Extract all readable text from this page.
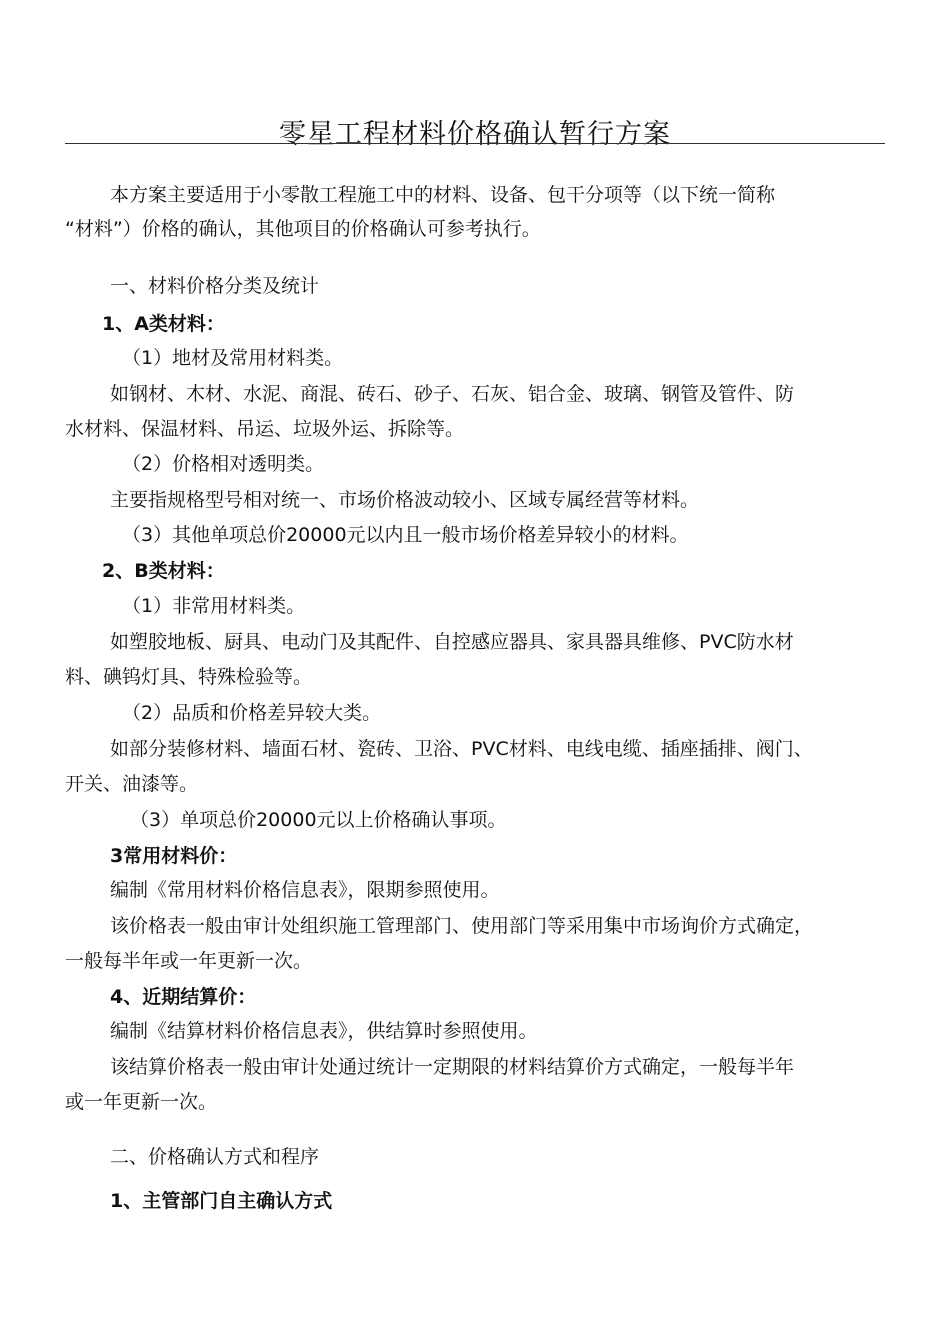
零星工程材料价格确认暂行方案

本方案主要适用于小零散工程施工中的材料、设备、包干分项等（以下统一简称

“材料”）价格的确认，其他项目的价格确认可参考执行。

一、材料价格分类及统计

1、A类材料：

（1）地材及常用材料类。

如钢材、木材、水泥、商混、砖石、砂子、石灰、铝合金、玻璃、钢管及管件、防

水材料、保温材料、吊运、垃圾外运、拆除等。

（2）价格相对透明类。

主要指规格型号相对统一、市场价格波动较小、区域专属经营等材料。

（3）其他单项总价20000元以内且一般市场价格差异较小的材料。

2、B类材料：

（1）非常用材料类。

如塑胶地板、厨具、电动门及其配件、自控感应器具、家具器具维修、PVC防水材

料、碘钨灯具、特殊检验等。

（2）品质和价格差异较大类。

如部分装修材料、墙面石材、瓷砖、卫浴、PVC材料、电线电缆、插座插排、阀门、

开关、油漆等。

（3）单项总价20000元以上价格确认事项。

3常用材料价：

编制《常用材料价格信息表》，限期参照使用。

该价格表一般由审计处组织施工管理部门、使用部门等采用集中市场询价方式确定，

一般每半年或一年更新一次。

4、近期结算价：

编制《结算材料价格信息表》，供结算时参照使用。

该结算价格表一般由审计处通过统计一定期限的材料结算价方式确定，一般每半年

或一年更新一次。

二、价格确认方式和程序

1、主管部门自主确认方式
